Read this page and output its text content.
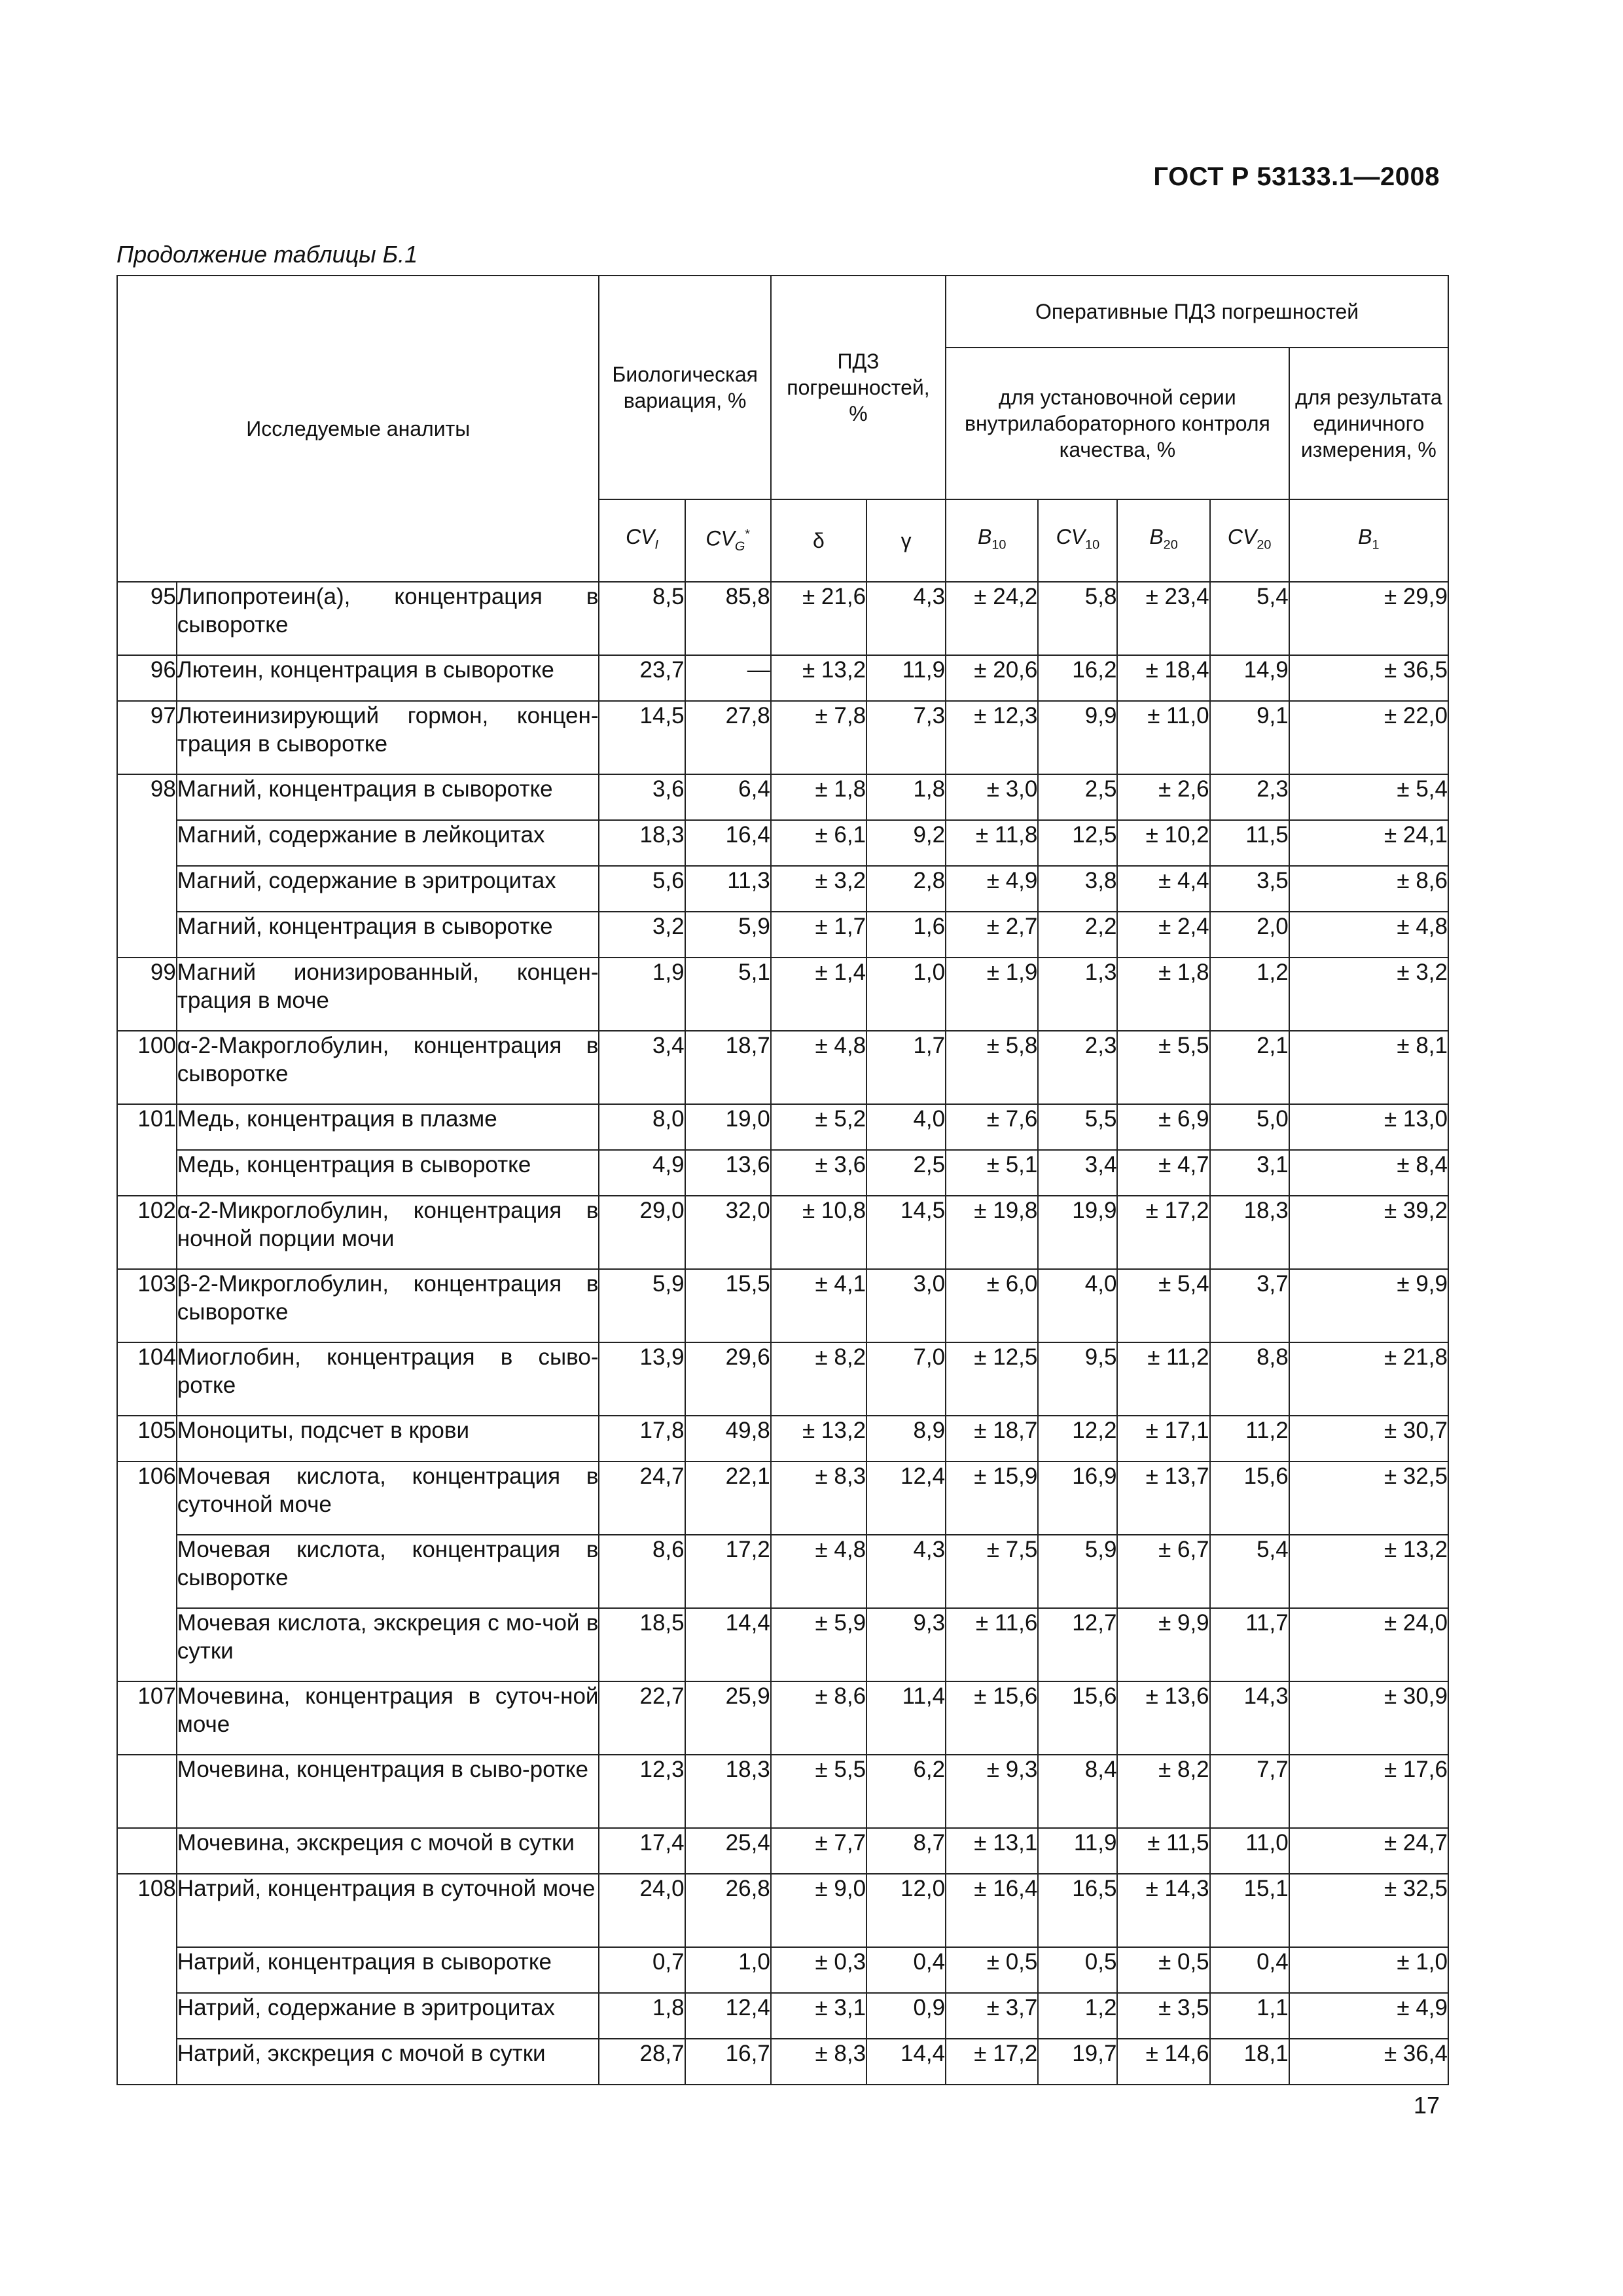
ГОСТ Р 53133.1—2008
Продолжение таблицы Б.1
Исследуемые аналиты		Биологическая вариация, %		ПДЗ погрешностей, %		Оперативные ПДЗ погрешностей				
						для установочной серии внутрилабораторного контроля качества, %				для результата единичного измерения, %
		$CV_I$	$CV_G^*$	δ	γ	$B_{10}$	$CV_{10}$	$B_{20}$	$CV_{20}$	$B_1$
95	Липопротеин(а), концентрация в сыворотке	8,5	85,8	± 21,6	4,3	± 24,2	5,8	± 23,4	5,4	± 29,9
96	Лютеин, концентрация в сыворотке	23,7	—	± 13,2	11,9	± 20,6	16,2	± 18,4	14,9	± 36,5
97	Лютеинизирующий гормон, концен-трация в сыворотке	14,5	27,8	± 7,8	7,3	± 12,3	9,9	± 11,0	9,1	± 22,0
98	Магний, концентрация в сыворотке	3,6	6,4	± 1,8	1,8	± 3,0	2,5	± 2,6	2,3	± 5,4
	Магний, содержание в лейкоцитах	18,3	16,4	± 6,1	9,2	± 11,8	12,5	± 10,2	11,5	± 24,1
	Магний, содержание в эритроцитах	5,6	11,3	± 3,2	2,8	± 4,9	3,8	± 4,4	3,5	± 8,6
	Магний, концентрация в сыворотке	3,2	5,9	± 1,7	1,6	± 2,7	2,2	± 2,4	2,0	± 4,8
99	Магний ионизированный, концен-трация в моче	1,9	5,1	± 1,4	1,0	± 1,9	1,3	± 1,8	1,2	± 3,2
100	α-2-Макроглобулин, концентрация в сыворотке	3,4	18,7	± 4,8	1,7	± 5,8	2,3	± 5,5	2,1	± 8,1
101	Медь, концентрация в плазме	8,0	19,0	± 5,2	4,0	± 7,6	5,5	± 6,9	5,0	± 13,0
	Медь, концентрация в сыворотке	4,9	13,6	± 3,6	2,5	± 5,1	3,4	± 4,7	3,1	± 8,4
102	α-2-Микроглобулин, концентрация в ночной порции мочи	29,0	32,0	± 10,8	14,5	± 19,8	19,9	± 17,2	18,3	± 39,2
103	β-2-Микроглобулин, концентрация в сыворотке	5,9	15,5	± 4,1	3,0	± 6,0	4,0	± 5,4	3,7	± 9,9
104	Миоглобин, концентрация в сыво-ротке	13,9	29,6	± 8,2	7,0	± 12,5	9,5	± 11,2	8,8	± 21,8
105	Моноциты, подсчет в крови	17,8	49,8	± 13,2	8,9	± 18,7	12,2	± 17,1	11,2	± 30,7
106	Мочевая кислота, концентрация в суточной моче	24,7	22,1	± 8,3	12,4	± 15,9	16,9	± 13,7	15,6	± 32,5
	Мочевая кислота, концентрация в сыворотке	8,6	17,2	± 4,8	4,3	± 7,5	5,9	± 6,7	5,4	± 13,2
	Мочевая кислота, экскреция с мо-чой в сутки	18,5	14,4	± 5,9	9,3	± 11,6	12,7	± 9,9	11,7	± 24,0
107	Мочевина, концентрация в суточ-ной моче	22,7	25,9	± 8,6	11,4	± 15,6	15,6	± 13,6	14,3	± 30,9
	Мочевина, концентрация в сыво-ротке	12,3	18,3	± 5,5	6,2	± 9,3	8,4	± 8,2	7,7	± 17,6
	Мочевина, экскреция с мочой в сутки	17,4	25,4	± 7,7	8,7	± 13,1	11,9	± 11,5	11,0	± 24,7
108	Натрий, концентрация в суточной моче	24,0	26,8	± 9,0	12,0	± 16,4	16,5	± 14,3	15,1	± 32,5
	Натрий, концентрация в сыворотке	0,7	1,0	± 0,3	0,4	± 0,5	0,5	± 0,5	0,4	± 1,0
	Натрий, содержание в эритроцитах	1,8	12,4	± 3,1	0,9	± 3,7	1,2	± 3,5	1,1	± 4,9
	Натрий, экскреция с мочой в сутки	28,7	16,7	± 8,3	14,4	± 17,2	19,7	± 14,6	18,1	± 36,4
17
